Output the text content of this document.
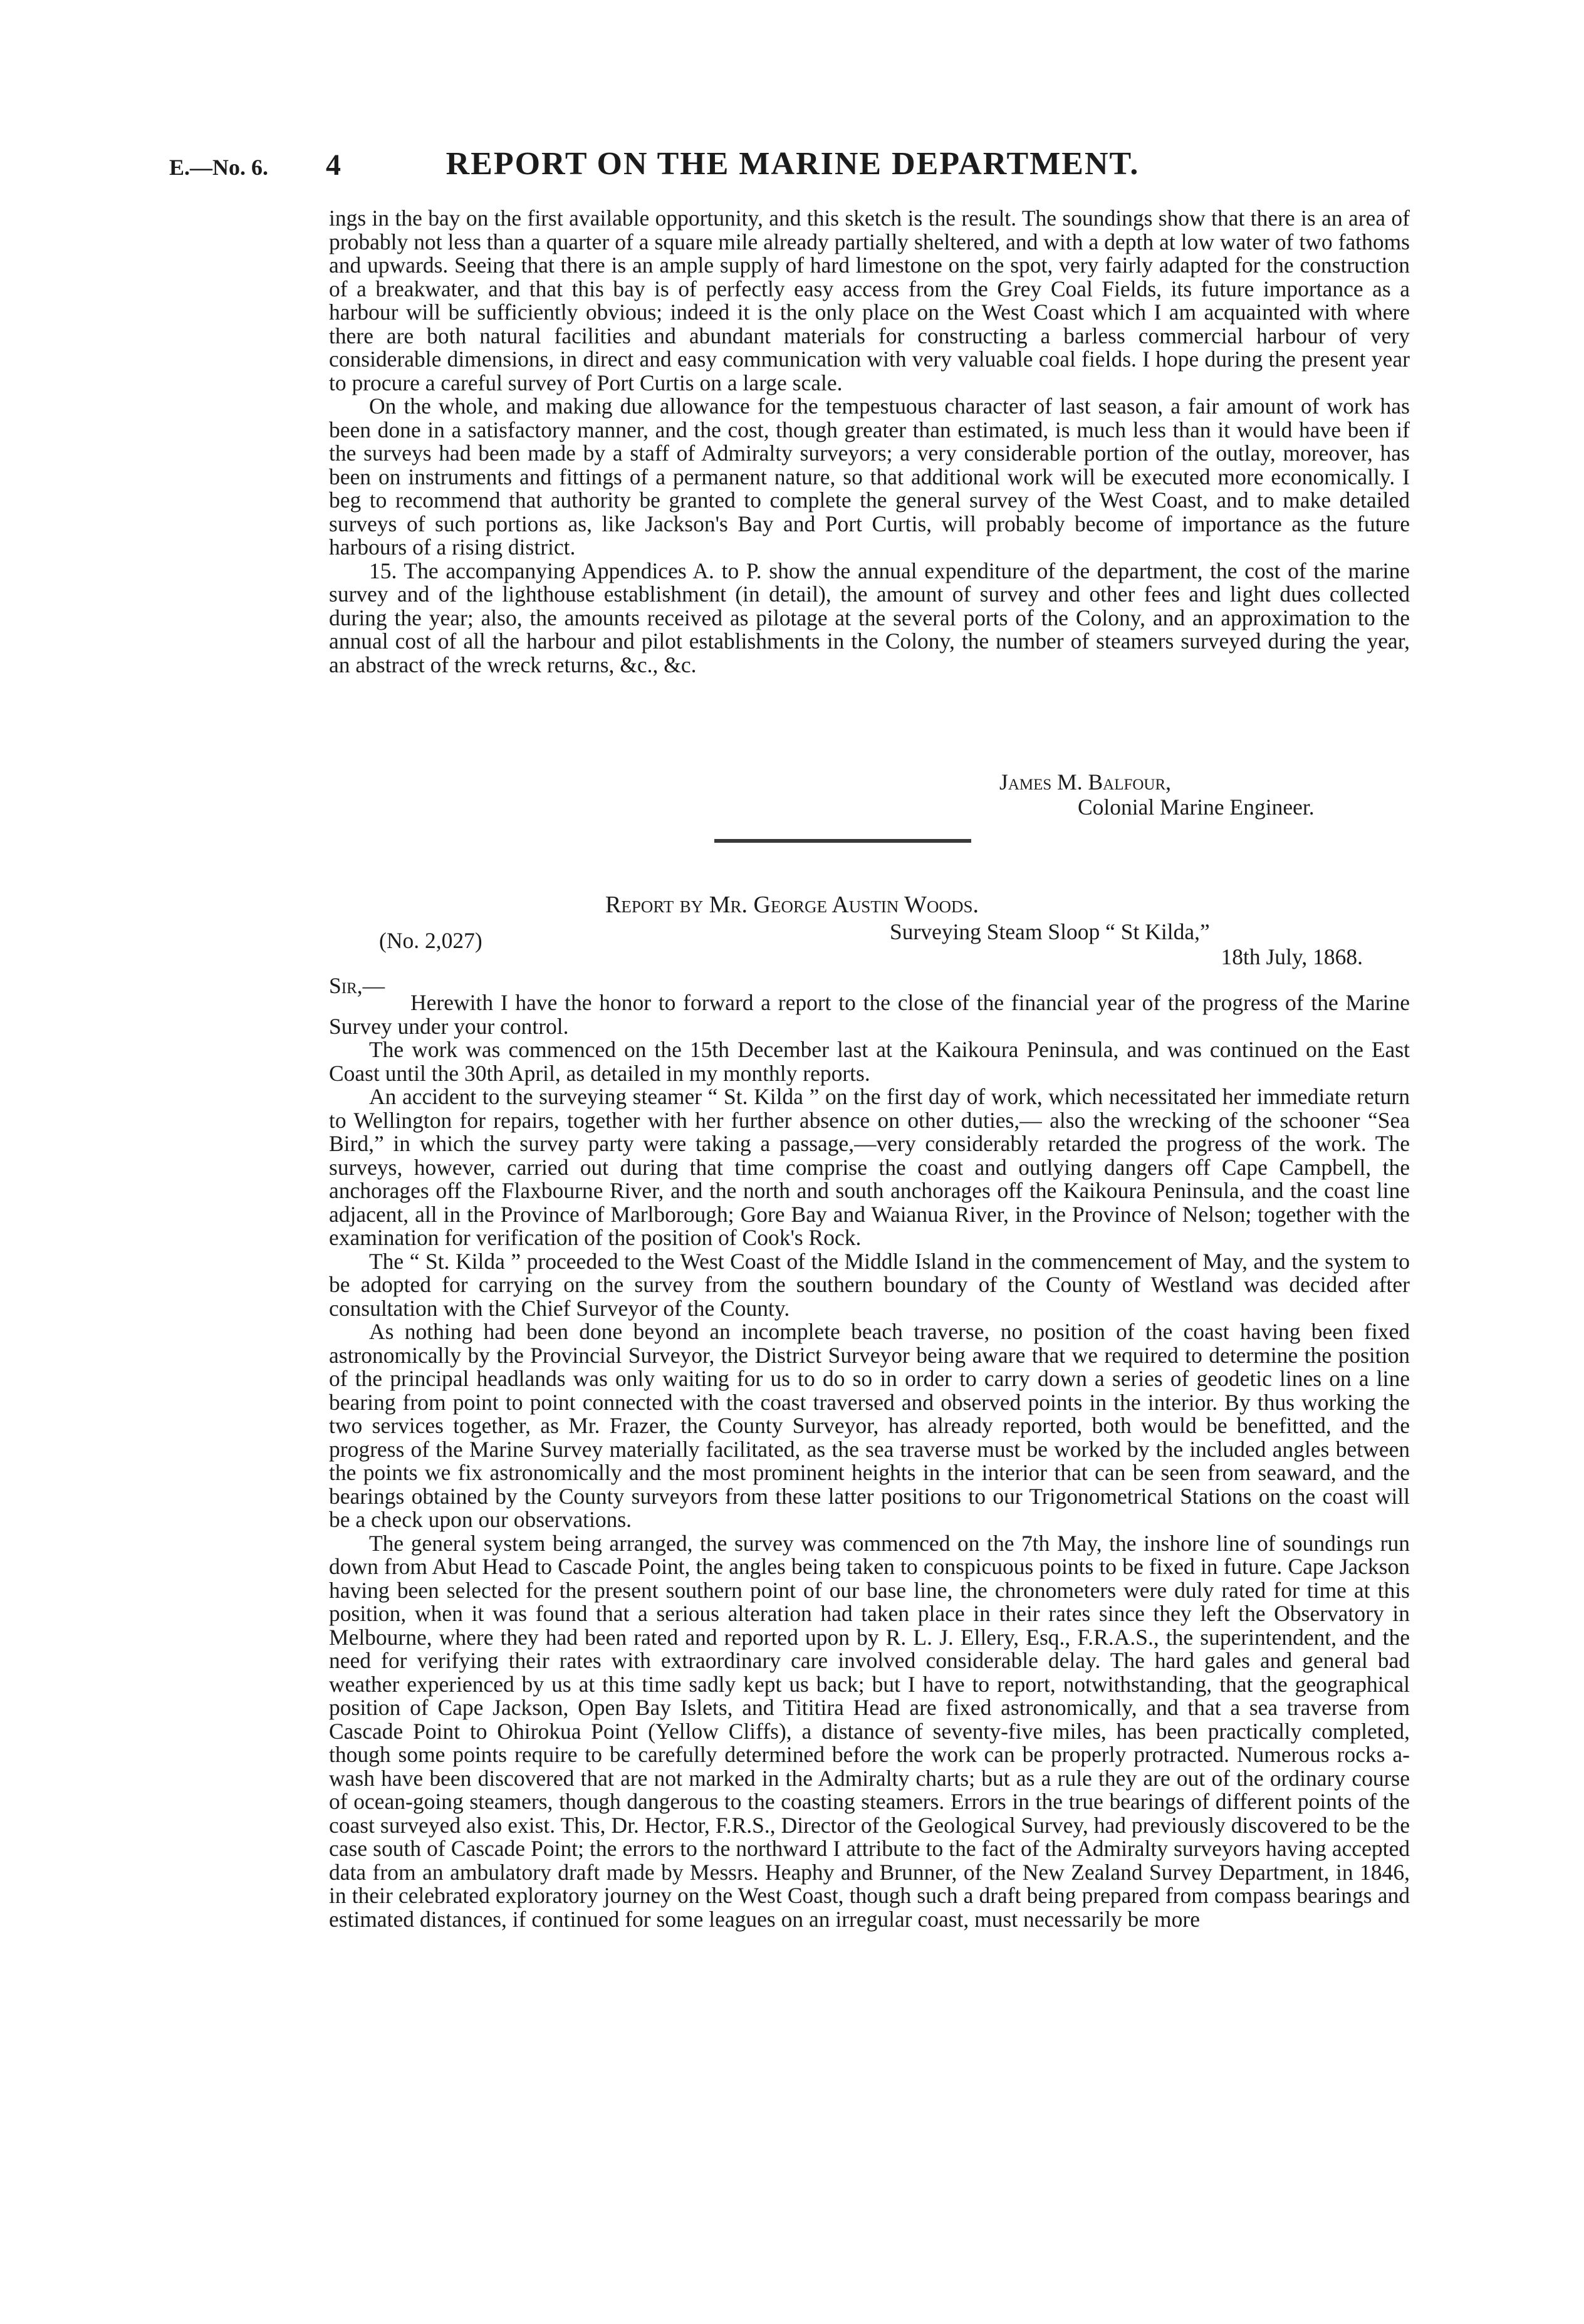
E.—No. 6. 4	REPORT ON THE MARINE DEPARTMENT.

ings in the bay on the first available opportunity, and this sketch is the result. The soundings show that there is an area of probably not less than a quarter of a square mile already partially sheltered, and with a depth at low water of two fathoms and upwards. Seeing that there is an ample supply of hard limestone on the spot, very fairly adapted for the construction of a breakwater, and that this bay is of perfectly easy access from the Grey Coal Fields, its future importance as a harbour will be sufficiently obvious; indeed it is the only place on the West Coast which I am acquainted with where there are both natural facilities and abundant materials for constructing a barless commercial harbour of very considerable dimensions, in direct and easy communication with very valuable coal fields. I hope during the present year to procure a careful survey of Port Curtis on a large scale.

On the whole, and making due allowance for the tempestuous character of last season, a fair amount of work has been done in a satisfactory manner, and the cost, though greater than estimated, is much less than it would have been if the surveys had been made by a staff of Admiralty surveyors; a very considerable portion of the outlay, moreover, has been on instruments and fittings of a permanent nature, so that additional work will be executed more economically. I beg to recommend that authority be granted to complete the general survey of the West Coast, and to make detailed surveys of such portions as, like Jackson's Bay and Port Curtis, will probably become of importance as the future harbours of a rising district.

15. The accompanying Appendices A. to P. show the annual expenditure of the department, the cost of the marine survey and of the lighthouse establishment (in detail), the amount of survey and other fees and light dues collected during the year; also, the amounts received as pilotage at the several ports of the Colony, and an approximation to the annual cost of all the harbour and pilot establishments in the Colony, the number of steamers surveyed during the year, an abstract of the wreck returns, &c., &c.

James M. Balfour,
Colonial Marine Engineer.
Report by Mr. George Austin Woods.
(No. 2,027)	Surveying Steam Sloop “ St Kilda,”
18th July, 1868.
Sir,—

Herewith I have the honor to forward a report to the close of the financial year of the progress of the Marine Survey under your control.

The work was commenced on the 15th December last at the Kaikoura Peninsula, and was continued on the East Coast until the 30th April, as detailed in my monthly reports.

An accident to the surveying steamer “ St. Kilda ” on the first day of work, which necessitated her immediate return to Wellington for repairs, together with her further absence on other duties,— also the wrecking of the schooner “Sea Bird,” in which the survey party were taking a passage,—very considerably retarded the progress of the work. The surveys, however, carried out during that time comprise the coast and outlying dangers off Cape Campbell, the anchorages off the Flaxbourne River, and the north and south anchorages off the Kaikoura Peninsula, and the coast line adjacent, all in the Province of Marlborough; Gore Bay and Waianua River, in the Province of Nelson; together with the examination for verification of the position of Cook's Rock.

The “ St. Kilda ” proceeded to the West Coast of the Middle Island in the commencement of May, and the system to be adopted for carrying on the survey from the southern boundary of the County of Westland was decided after consultation with the Chief Surveyor of the County.

As nothing had been done beyond an incomplete beach traverse, no position of the coast having been fixed astronomically by the Provincial Surveyor, the District Surveyor being aware that we required to determine the position of the principal headlands was only waiting for us to do so in order to carry down a series of geodetic lines on a line bearing from point to point connected with the coast traversed and observed points in the interior. By thus working the two services together, as Mr. Frazer, the County Surveyor, has already reported, both would be benefitted, and the progress of the Marine Survey materially facilitated, as the sea traverse must be worked by the included angles between the points we fix astronomically and the most prominent heights in the interior that can be seen from seaward, and the bearings obtained by the County surveyors from these latter positions to our Trigonometrical Stations on the coast will be a check upon our observations.

The general system being arranged, the survey was commenced on the 7th May, the inshore line of soundings run down from Abut Head to Cascade Point, the angles being taken to conspicuous points to be fixed in future. Cape Jackson having been selected for the present southern point of our base line, the chronometers were duly rated for time at this position, when it was found that a serious alteration had taken place in their rates since they left the Observatory in Melbourne, where they had been rated and reported upon by R. L. J. Ellery, Esq., F.R.A.S., the superintendent, and the need for verifying their rates with extraordinary care involved considerable delay. The hard gales and general bad weather experienced by us at this time sadly kept us back; but I have to report, notwithstanding, that the geographical position of Cape Jackson, Open Bay Islets, and Tititira Head are fixed astronomically, and that a sea traverse from Cascade Point to Ohirokua Point (Yellow Cliffs), a distance of seventy-five miles, has been practically completed, though some points require to be carefully determined before the work can be properly protracted. Numerous rocks a-wash have been discovered that are not marked in the Admiralty charts; but as a rule they are out of the ordinary course of ocean-going steamers, though dangerous to the coasting steamers. Errors in the true bearings of different points of the coast surveyed also exist. This, Dr. Hector, F.R.S., Director of the Geological Survey, had previously discovered to be the case south of Cascade Point; the errors to the northward I attribute to the fact of the Admiralty surveyors having accepted data from an ambulatory draft made by Messrs. Heaphy and Brunner, of the New Zealand Survey Department, in 1846, in their celebrated exploratory journey on the West Coast, though such a draft being prepared from compass bearings and estimated distances, if continued for some leagues on an irregular coast, must necessarily be more
